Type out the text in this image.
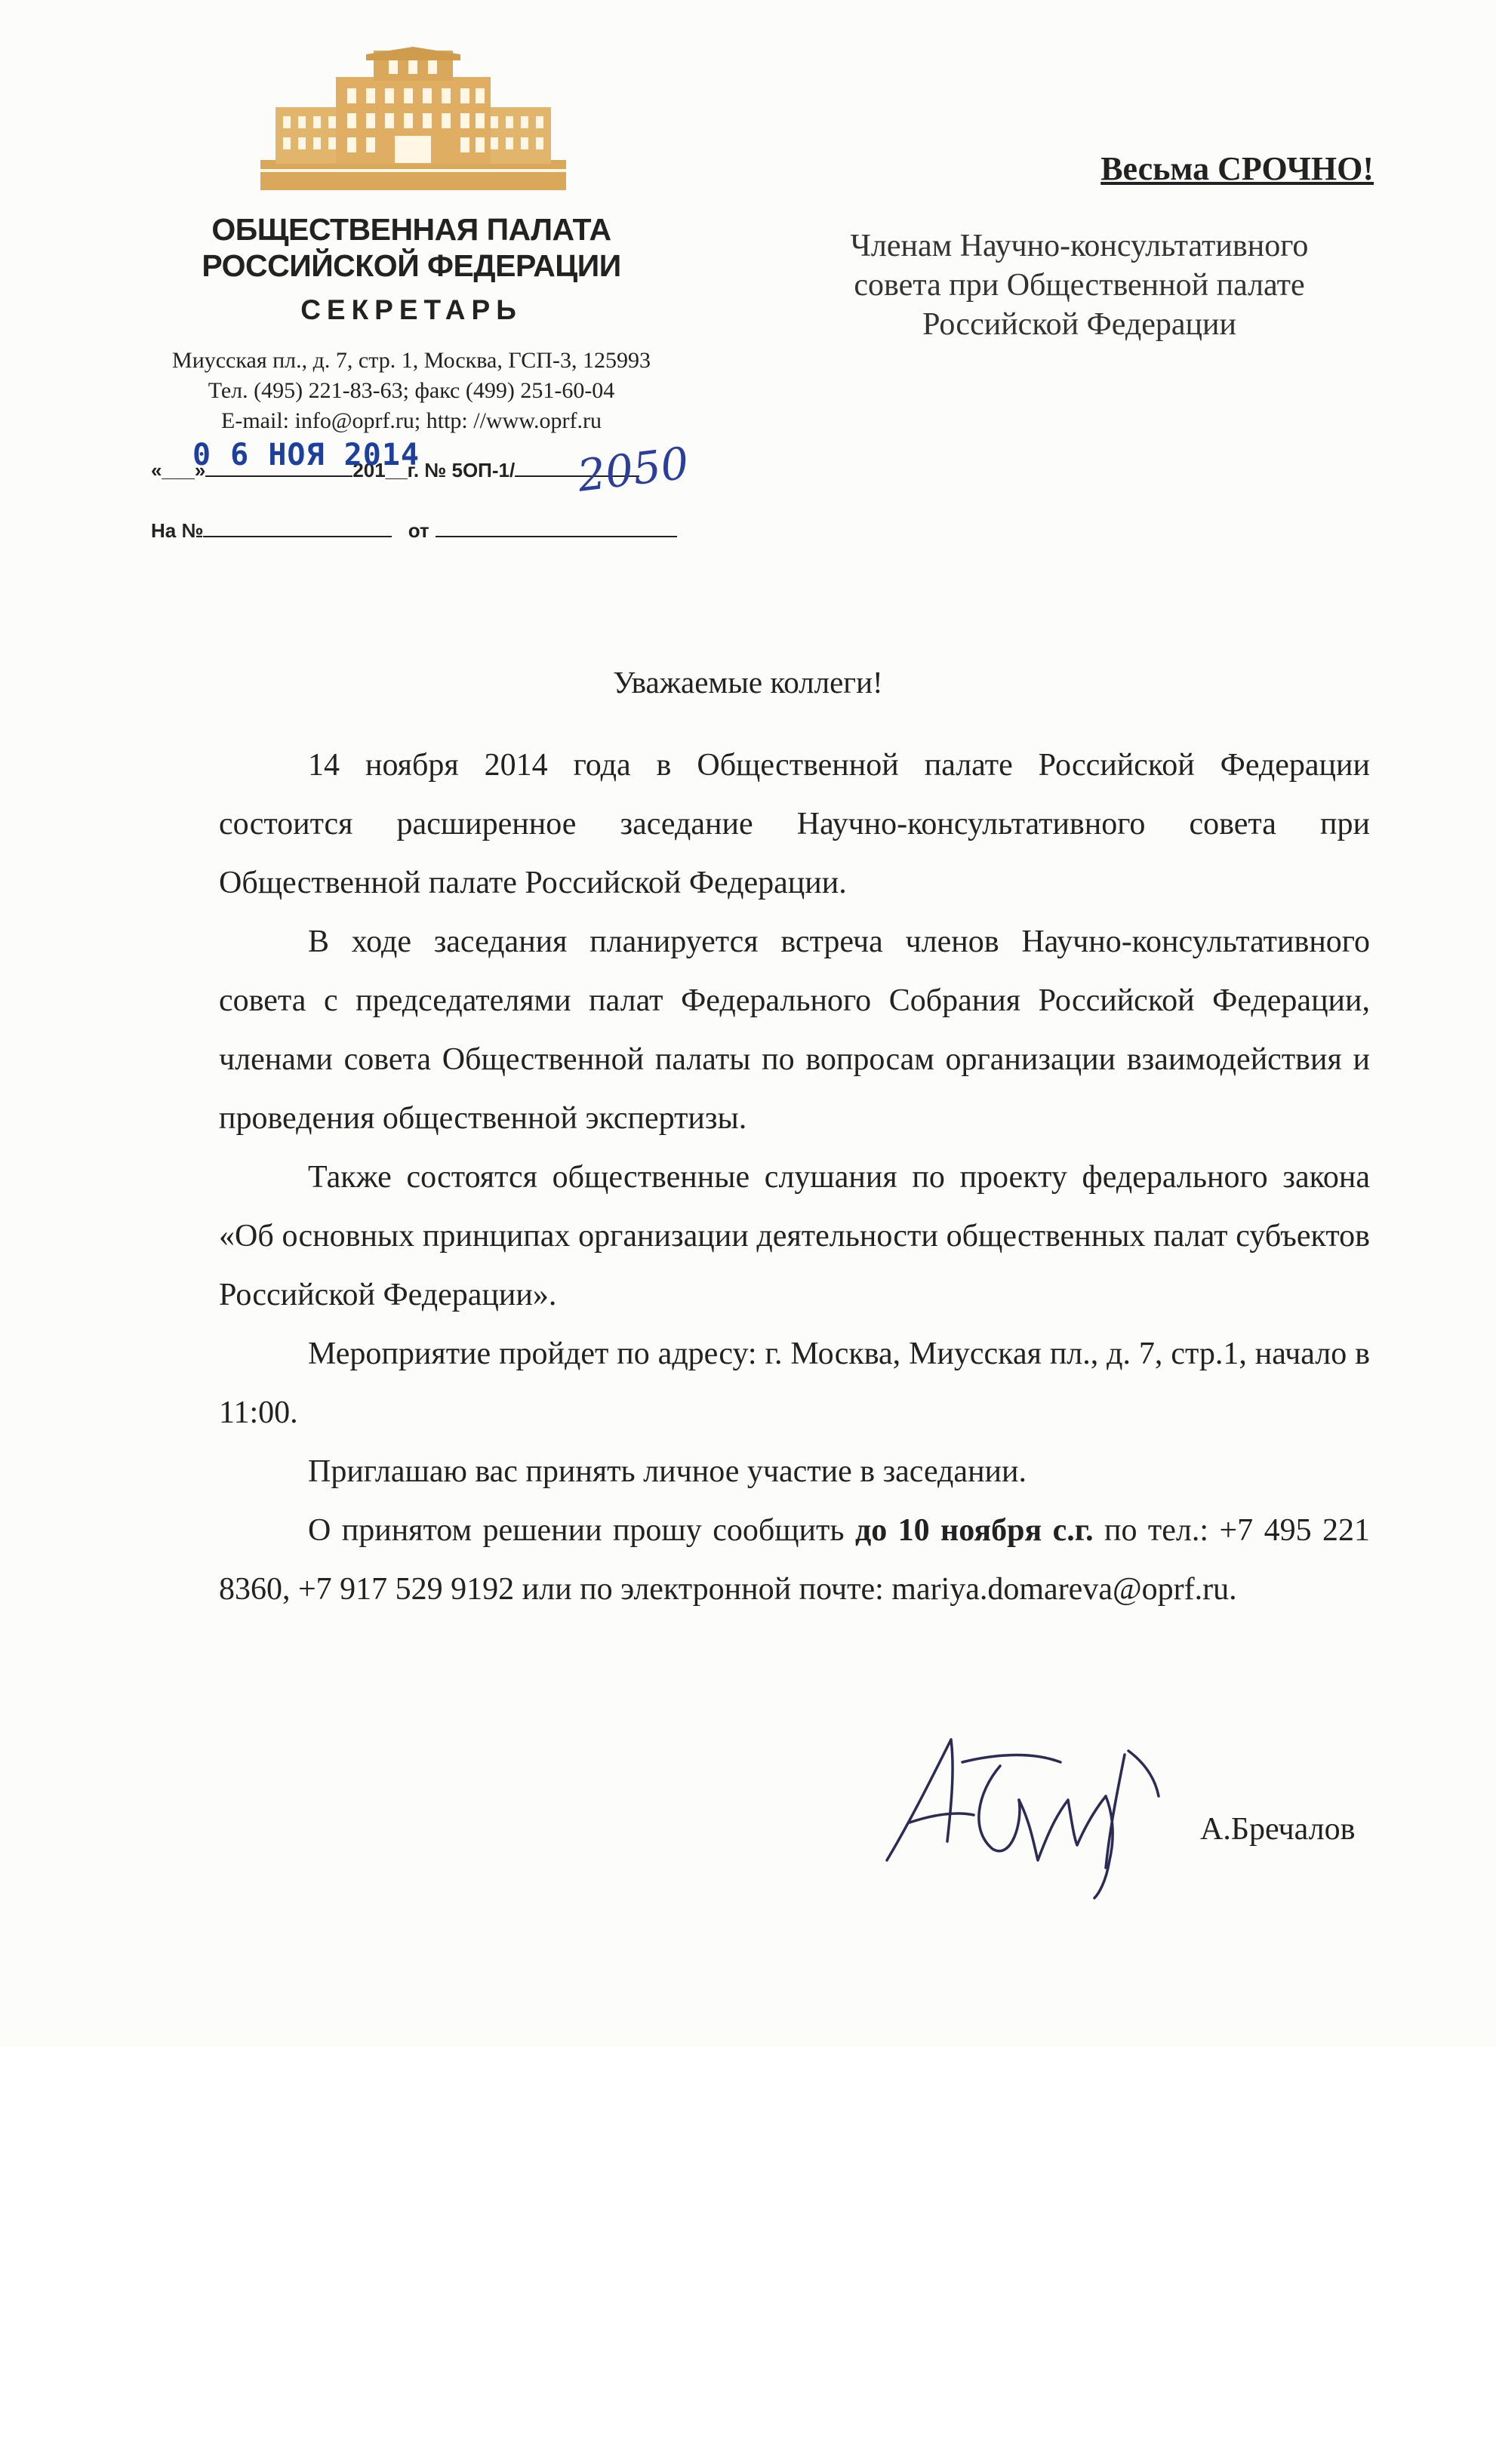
ОБЩЕСТВЕННАЯ ПАЛАТА
РОССИЙСКОЙ ФЕДЕРАЦИИ
СЕКРЕТАРЬ
Миусская пл., д. 7, стр. 1, Москва, ГСП-3, 125993
Тел. (495) 221-83-63; факс (499) 251-60-04
E-mail: info@oprf.ru; http: //www.oprf.ru
«___»	201__г. № 5ОП-1/
0 6 НОЯ 2014	2050
На №	от
Весьма СРОЧНО!
Членам Научно-консультативного
совета при Общественной палате
Российской Федерации
Уважаемые коллеги!

14 ноября 2014 года в Общественной палате Российской Федерации состоится расширенное заседание Научно-консультативного совета при Общественной палате Российской Федерации.

В ходе заседания планируется встреча членов Научно-консультативного совета с председателями палат Федерального Собрания Российской Федерации, членами совета Общественной палаты по вопросам организации взаимодействия и проведения общественной экспертизы.

Также состоятся общественные слушания по проекту федерального закона «Об основных принципах организации деятельности общественных палат субъектов Российской Федерации».

Мероприятие пройдет по адресу: г. Москва, Миусская пл., д. 7, стр.1, начало в 11:00.

Приглашаю вас принять личное участие в заседании.

О принятом решении прошу сообщить до 10 ноября с.г. по тел.: +7 495 221 8360, +7 917 529 9192 или по электронной почте: mariya.domareva@oprf.ru.

А.Бречалов
